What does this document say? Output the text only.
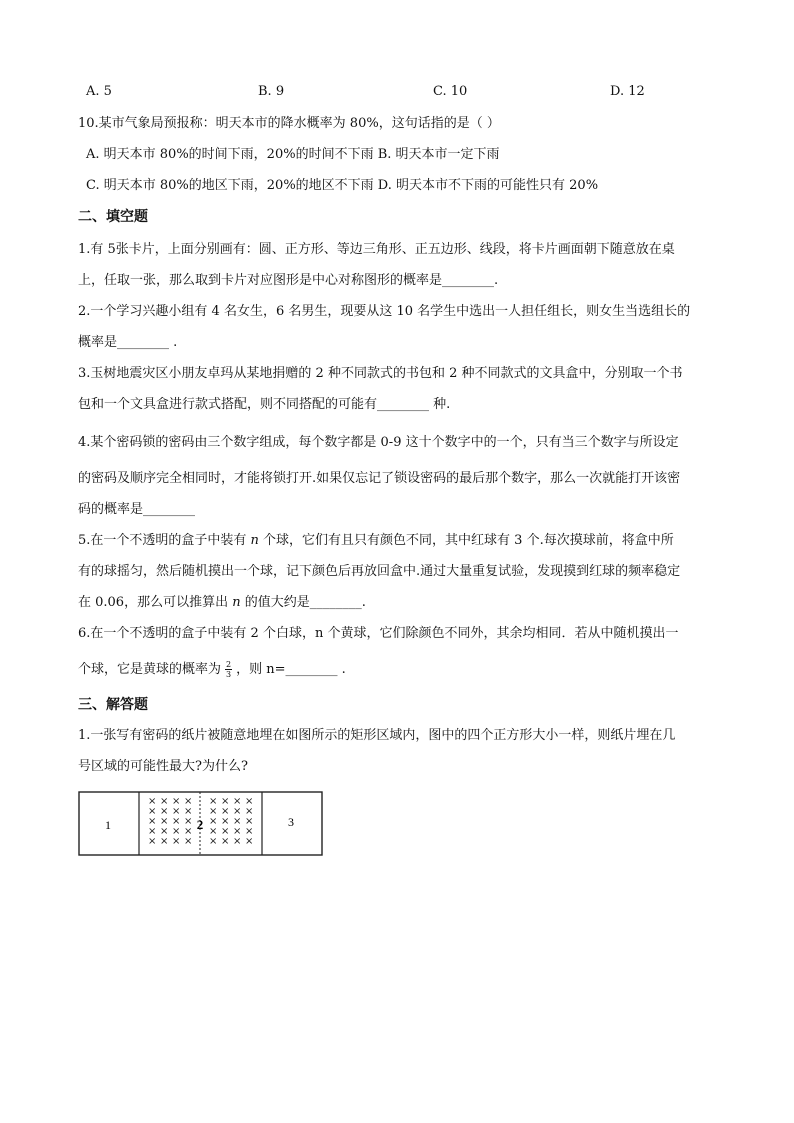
A. 5	B. 9	C. 10	D. 12
10.某市气象局预报称：明天本市的降水概率为 80%，这句话指的是（ ）
A. 明天本市 80%的时间下雨，20%的时间不下雨 B. 明天本市一定下雨
C. 明天本市 80%的地区下雨，20%的地区不下雨 D. 明天本市不下雨的可能性只有 20%
二、填空题
1.有 5张卡片，上面分别画有：圆、正方形、等边三角形、正五边形、线段，将卡片画面朝下随意放在桌
上，任取一张，那么取到卡片对应图形是中心对称图形的概率是________.
2.一个学习兴趣小组有 4 名女生，6 名男生，现要从这 10 名学生中选出一人担任组长，则女生当选组长的
概率是________ .
3.玉树地震灾区小朋友卓玛从某地捐赠的 2 种不同款式的书包和 2 种不同款式的文具盒中，分别取一个书
包和一个文具盒进行款式搭配，则不同搭配的可能有________ 种.
4.某个密码锁的密码由三个数字组成，每个数字都是 0-9 这十个数字中的一个，只有当三个数字与所设定
的密码及顺序完全相同时，才能将锁打开.如果仅忘记了锁设密码的最后那个数字，那么一次就能打开该密
码的概率是________
5.在一个不透明的盒子中装有 n 个球，它们有且只有颜色不同，其中红球有 3 个.每次摸球前，将盒中所
有的球摇匀，然后随机摸出一个球，记下颜色后再放回盒中.通过大量重复试验，发现摸到红球的频率稳定
在 0.06，那么可以推算出 n 的值大约是________.
6.在一个不透明的盒子中装有 2 个白球，n 个黄球，它们除颜色不同外，其余均相同．若从中随机摸出一
个球，它是黄球的概率为 $\frac{2}{3}$ ，则 n=________ .
三、解答题
1.一张写有密码的纸片被随意地埋在如图所示的矩形区域内，图中的四个正方形大小一样，则纸片埋在几
号区域的可能性最大?为什么?
× × × ×
× × × ×
× × × ×
× × × ×
× × × ×
× × × ×
× × × ×
× × × ×
× × × ×
× × × ×
1	2	3
